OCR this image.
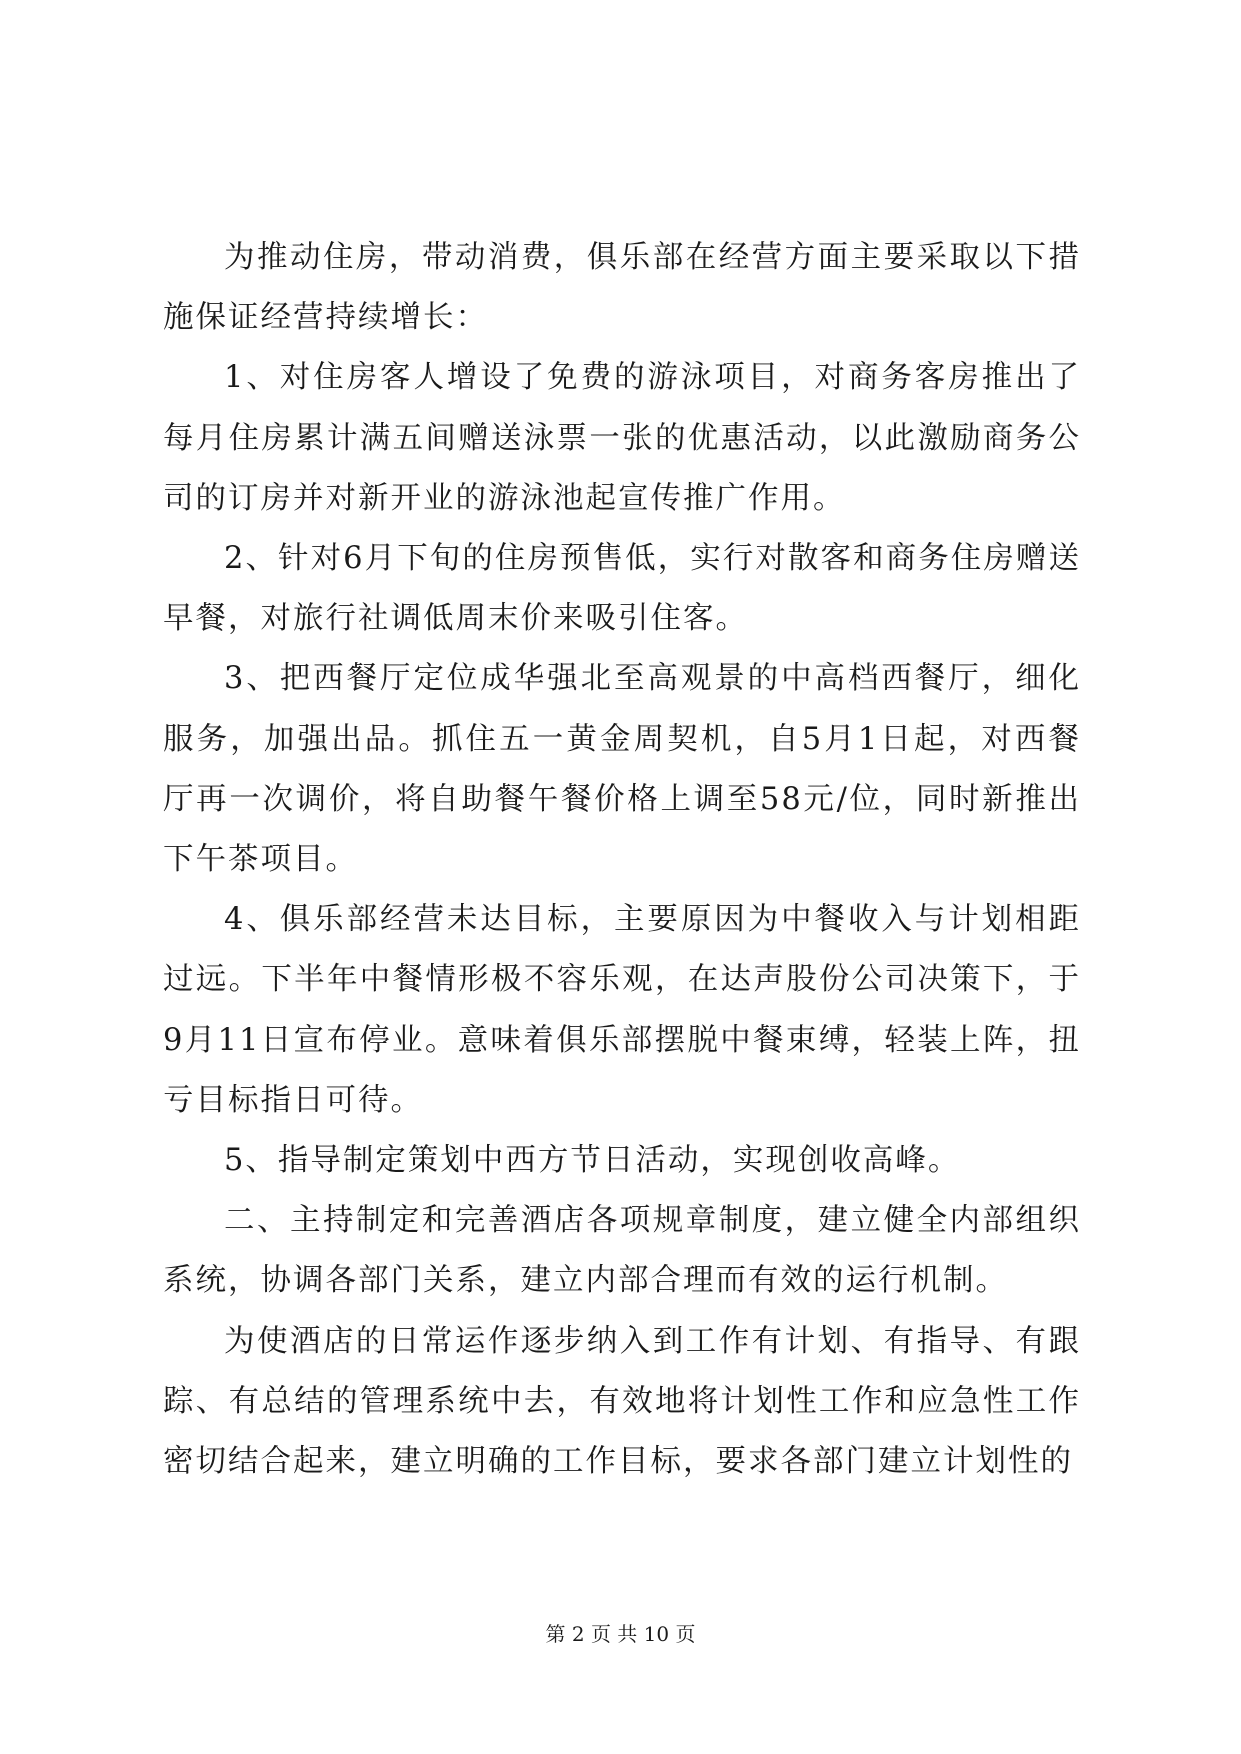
为推动住房，带动消费，俱乐部在经营方面主要采取以下措施保证经营持续增长：

1、对住房客人增设了免费的游泳项目，对商务客房推出了每月住房累计满五间赠送泳票一张的优惠活动，以此激励商务公司的订房并对新开业的游泳池起宣传推广作用。

2、针对6月下旬的住房预售低，实行对散客和商务住房赠送早餐，对旅行社调低周末价来吸引住客。

3、把西餐厅定位成华强北至高观景的中高档西餐厅，细化服务，加强出品。抓住五一黄金周契机，自5月1日起，对西餐厅再一次调价，将自助餐午餐价格上调至58元/位，同时新推出下午茶项目。

4、俱乐部经营未达目标，主要原因为中餐收入与计划相距过远。下半年中餐情形极不容乐观，在达声股份公司决策下，于9月11日宣布停业。意味着俱乐部摆脱中餐束缚，轻装上阵，扭亏目标指日可待。

5、指导制定策划中西方节日活动，实现创收高峰。

二、主持制定和完善酒店各项规章制度，建立健全内部组织系统，协调各部门关系，建立内部合理而有效的运行机制。

为使酒店的日常运作逐步纳入到工作有计划、有指导、有跟踪、有总结的管理系统中去，有效地将计划性工作和应急性工作密切结合起来，建立明确的工作目标，要求各部门建立计划性的

第 2 页 共 10 页
